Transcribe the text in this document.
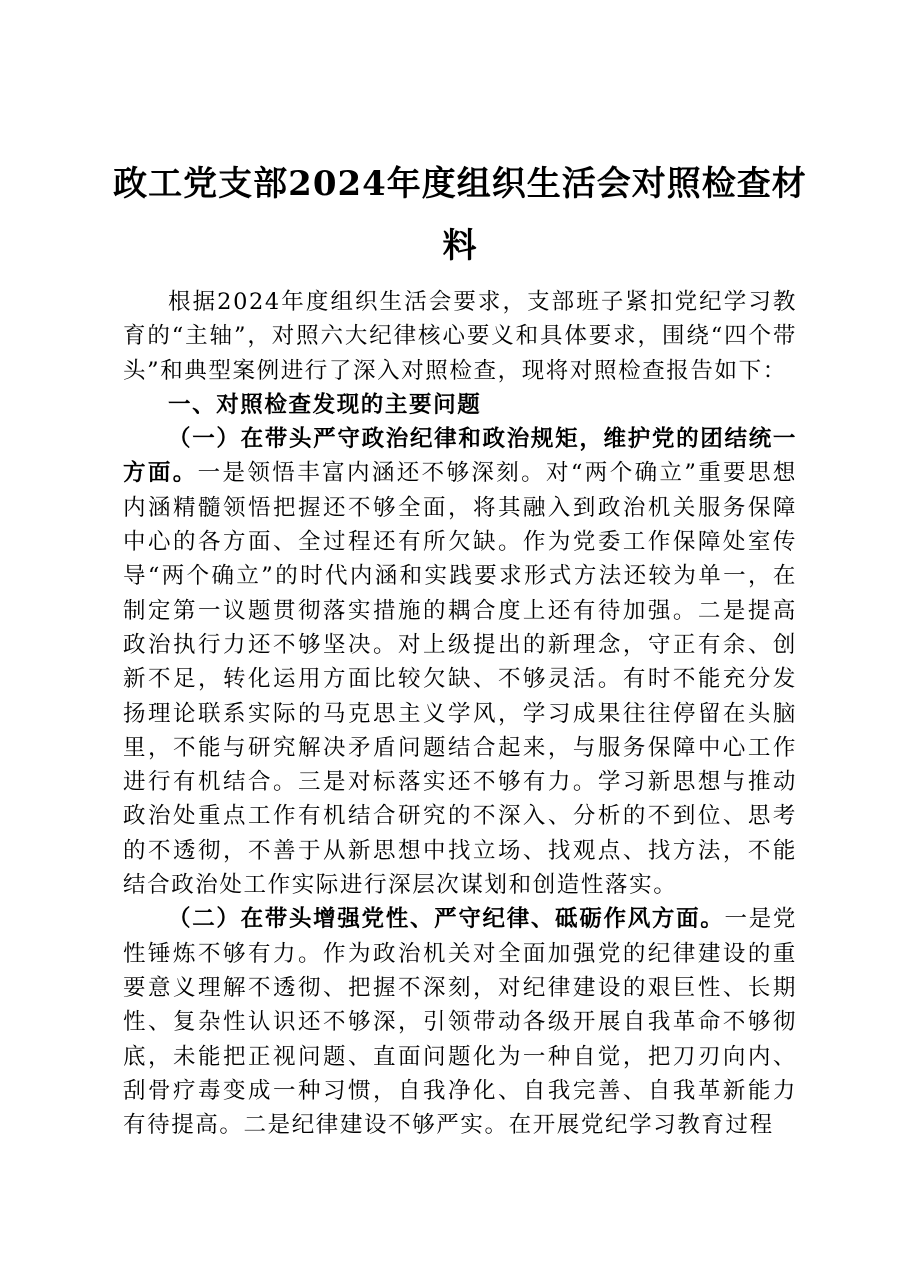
政工党支部2024年度组织生活会对照检查材
料

根据2024年度组织生活会要求，支部班子紧扣党纪学习教育的“主轴”，对照六大纪律核心要义和具体要求，围绕“四个带头”和典型案例进行了深入对照检查，现将对照检查报告如下：

一、对照检查发现的主要问题

（一）在带头严守政治纪律和政治规矩，维护党的团结统一方面。一是领悟丰富内涵还不够深刻。对“两个确立”重要思想内涵精髓领悟把握还不够全面，将其融入到政治机关服务保障中心的各方面、全过程还有所欠缺。作为党委工作保障处室传导“两个确立”的时代内涵和实践要求形式方法还较为单一，在制定第一议题贯彻落实措施的耦合度上还有待加强。二是提高政治执行力还不够坚决。对上级提出的新理念，守正有余、创新不足，转化运用方面比较欠缺、不够灵活。有时不能充分发扬理论联系实际的马克思主义学风，学习成果往往停留在头脑里，不能与研究解决矛盾问题结合起来，与服务保障中心工作进行有机结合。三是对标落实还不够有力。学习新思想与推动政治处重点工作有机结合研究的不深入、分析的不到位、思考的不透彻，不善于从新思想中找立场、找观点、找方法，不能结合政治处工作实际进行深层次谋划和创造性落实。

（二）在带头增强党性、严守纪律、砥砺作风方面。一是党性锤炼不够有力。作为政治机关对全面加强党的纪律建设的重要意义理解不透彻、把握不深刻，对纪律建设的艰巨性、长期性、复杂性认识还不够深，引领带动各级开展自我革命不够彻底，未能把正视问题、直面问题化为一种自觉，把刀刃向内、刮骨疗毒变成一种习惯，自我净化、自我完善、自我革新能力有待提高。二是纪律建设不够严实。在开展党纪学习教育过程
